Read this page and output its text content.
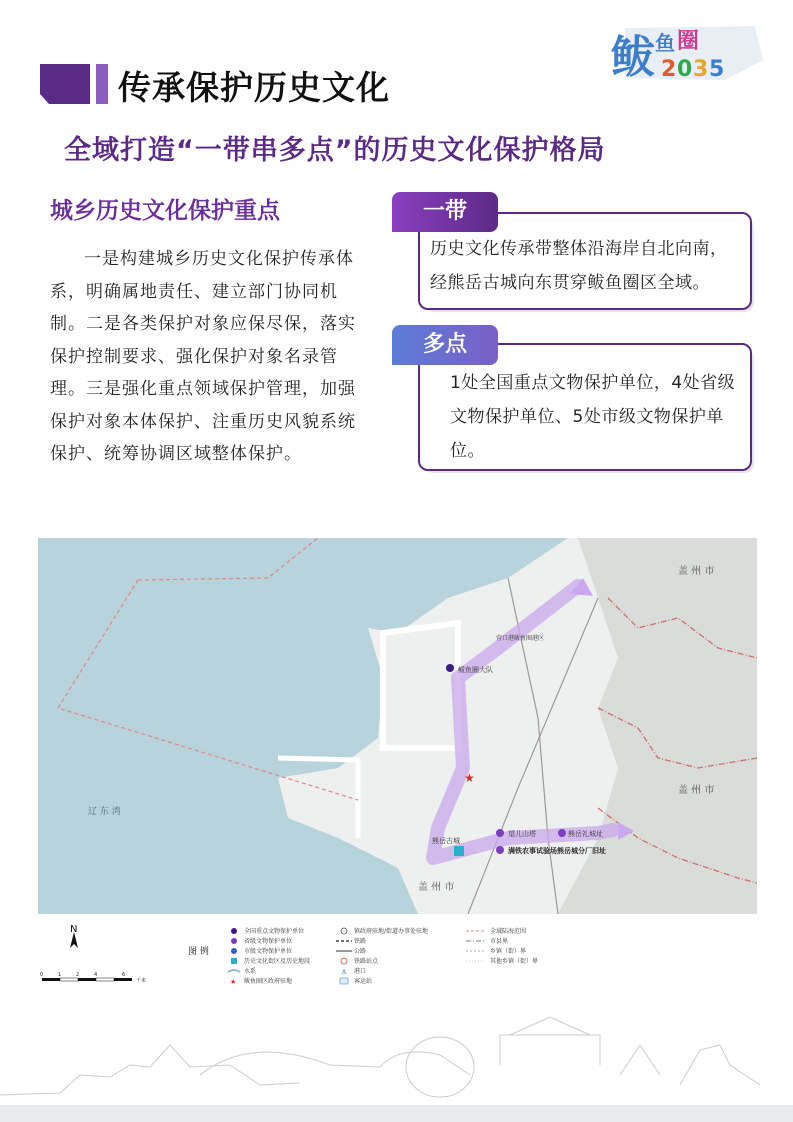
传承保护历史文化
鲅 鱼 圈
2 0 3 5
全域打造“一带串多点”的历史文化保护格局
城乡历史文化保护重点
一是构建城乡历史文化保护传承体系，明确属地责任、建立部门协同机制。二是各类保护对象应保尽保，落实保护控制要求、强化保护对象名录管理。三是强化重点领域保护管理，加强保护对象本体保护、注重历史风貌系统保护、统筹协调区域整体保护。
一带
历史文化传承带整体沿海岸自北向南，经熊岳古城向东贯穿鲅鱼圈区全域。
多点
1处全国重点文物保护单位，4处省级文物保护单位、5处市级文物保护单位。
★
鲅鱼圈大队
望儿山塔	熊岳礼城址
满铁农事试验场熊岳城分厂旧址
熊岳古城
营口港鲅鱼圈港区
盖 州 市
盖 州 市
盖 州 市
辽 东 湾
N
0	1	2	4	6
千米
图 例
全国重点文物保护单位
省级文物保护单位
市级文物保护单位
历史文化街区及历史地段
水系
★ 鲅鱼圈区政府驻地
镇政府驻地/街道办事处驻地
铁路
公路
铁路站点
⚓ 港口
客运站
全域陆海范围
市县界
乡镇（街）界
其他乡镇（街）界
